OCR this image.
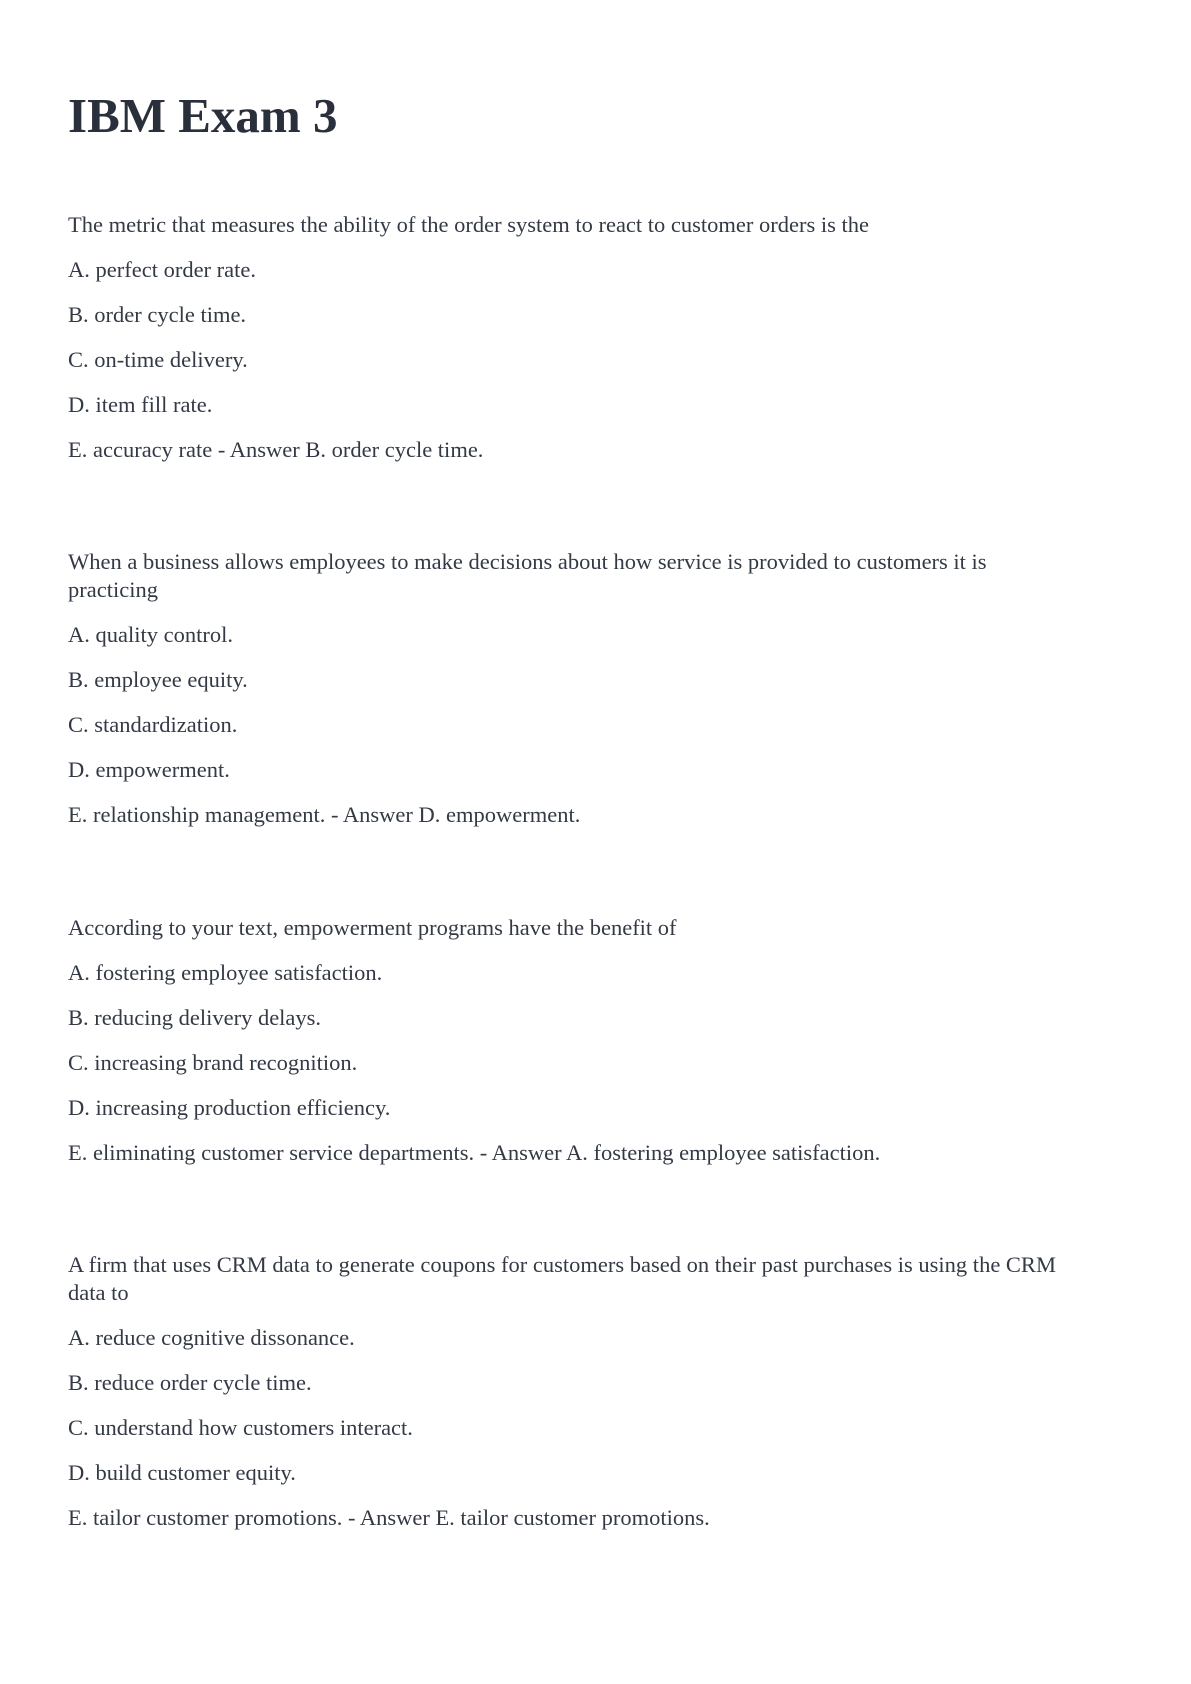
IBM Exam 3

The metric that measures the ability of the order system to react to customer orders is the

A. perfect order rate.

B. order cycle time.

C. on-time delivery.

D. item fill rate.

E. accuracy rate - Answer B. order cycle time.

When a business allows employees to make decisions about how service is provided to customers it is practicing

A. quality control.

B. employee equity.

C. standardization.

D. empowerment.

E. relationship management. - Answer D. empowerment.

According to your text, empowerment programs have the benefit of

A. fostering employee satisfaction.

B. reducing delivery delays.

C. increasing brand recognition.

D. increasing production efficiency.

E. eliminating customer service departments. - Answer A. fostering employee satisfaction.

A firm that uses CRM data to generate coupons for customers based on their past purchases is using the CRM data to

A. reduce cognitive dissonance.

B. reduce order cycle time.

C. understand how customers interact.

D. build customer equity.

E. tailor customer promotions. - Answer E. tailor customer promotions.
